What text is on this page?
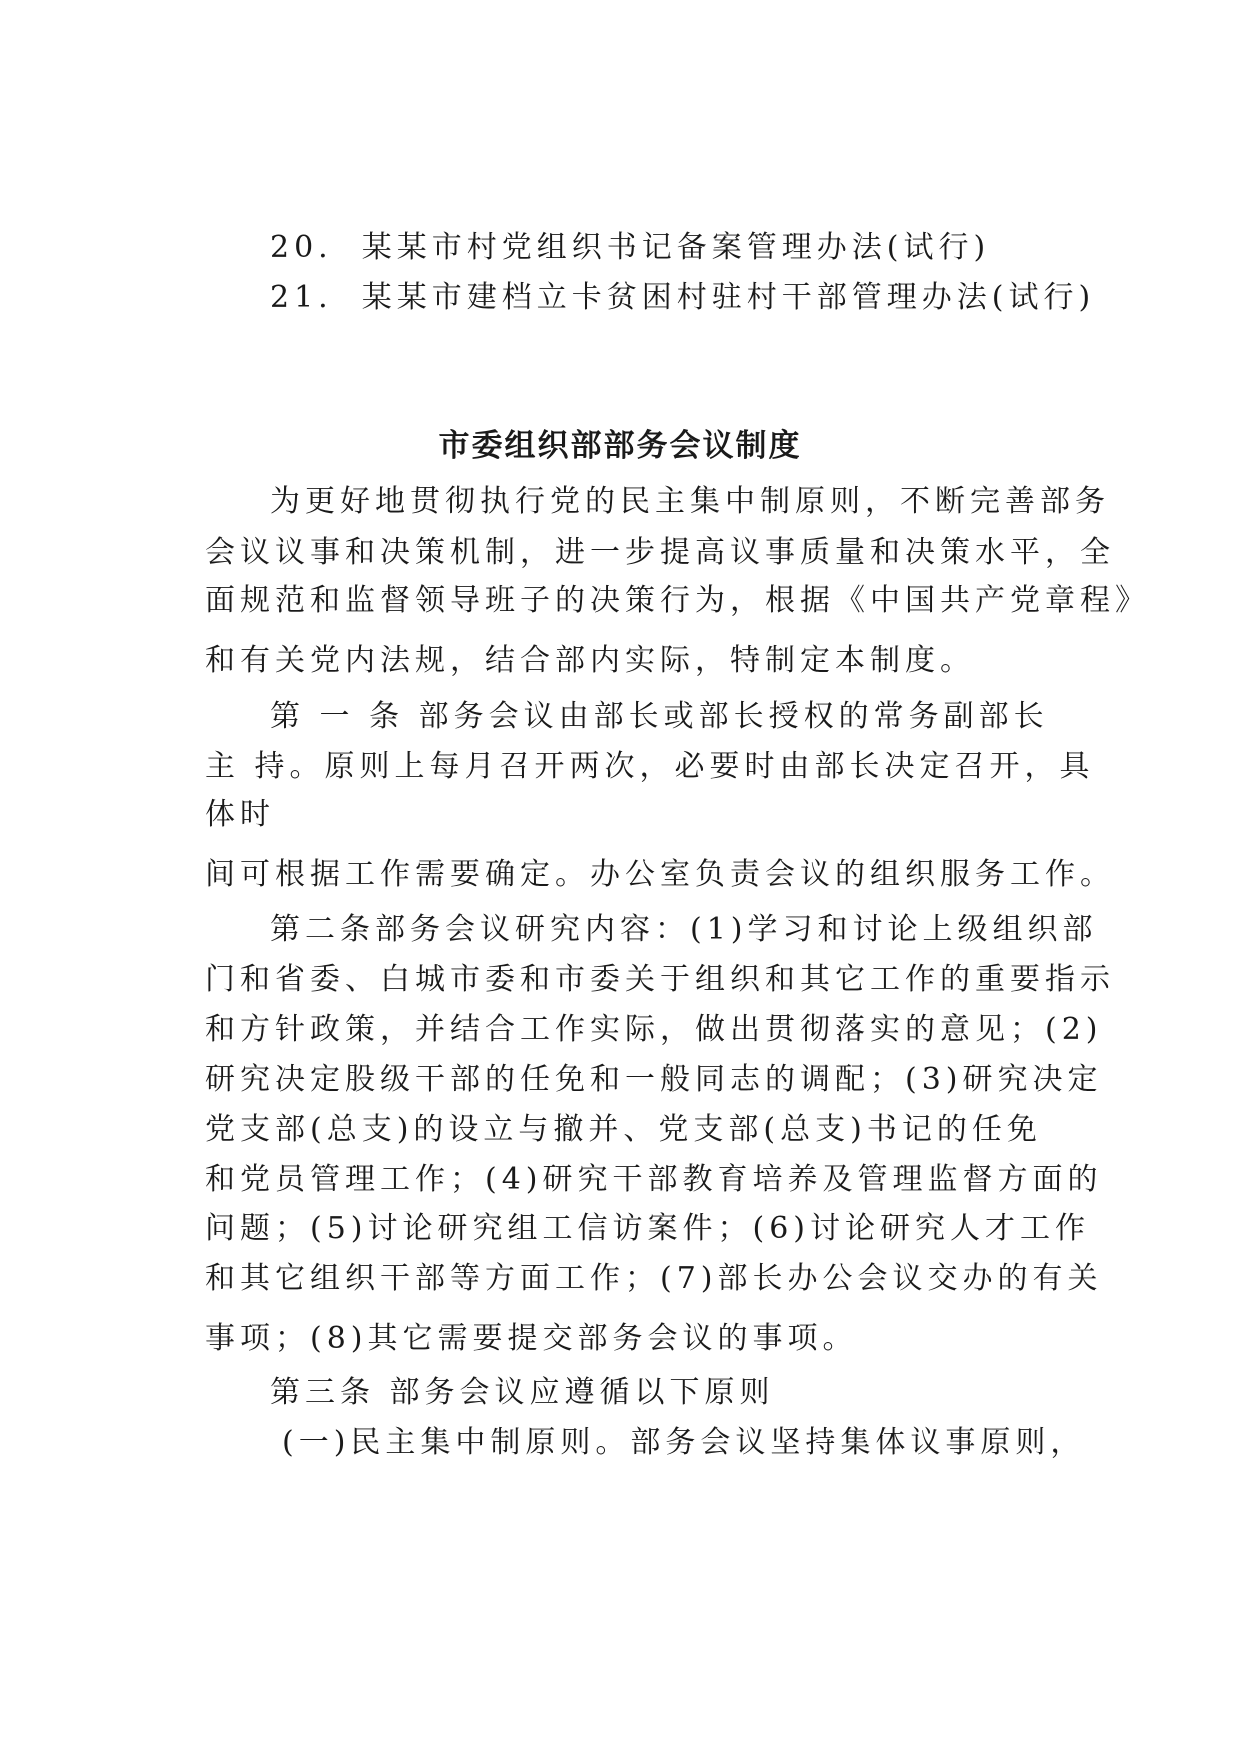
20. 某某市村党组织书记备案管理办法(试行)
21. 某某市建档立卡贫困村驻村干部管理办法(试行)
市委组织部部务会议制度
为更好地贯彻执行党的民主集中制原则，不断完善部务
会议议事和决策机制，进一步提高议事质量和决策水平，全
面规范和监督领导班子的决策行为，根据《中国共产党章程》
和有关党内法规，结合部内实际，特制定本制度。
第 一 条 部务会议由部长或部长授权的常务副部长
主 持。原则上每月召开两次，必要时由部长决定召开，具
体时
间可根据工作需要确定。办公室负责会议的组织服务工作。
第二条部务会议研究内容：(1)学习和讨论上级组织部
门和省委、白城市委和市委关于组织和其它工作的重要指示
和方针政策，并结合工作实际，做出贯彻落实的意见；(2)
研究决定股级干部的任免和一般同志的调配；(3)研究决定
党支部(总支)的设立与撤并、党支部(总支)书记的任免
和党员管理工作；(4)研究干部教育培养及管理监督方面的
问题；(5)讨论研究组工信访案件；(6)讨论研究人才工作
和其它组织干部等方面工作；(7)部长办公会议交办的有关
事项；(8)其它需要提交部务会议的事项。
第三条 部务会议应遵循以下原则
(一)民主集中制原则。部务会议坚持集体议事原则，
